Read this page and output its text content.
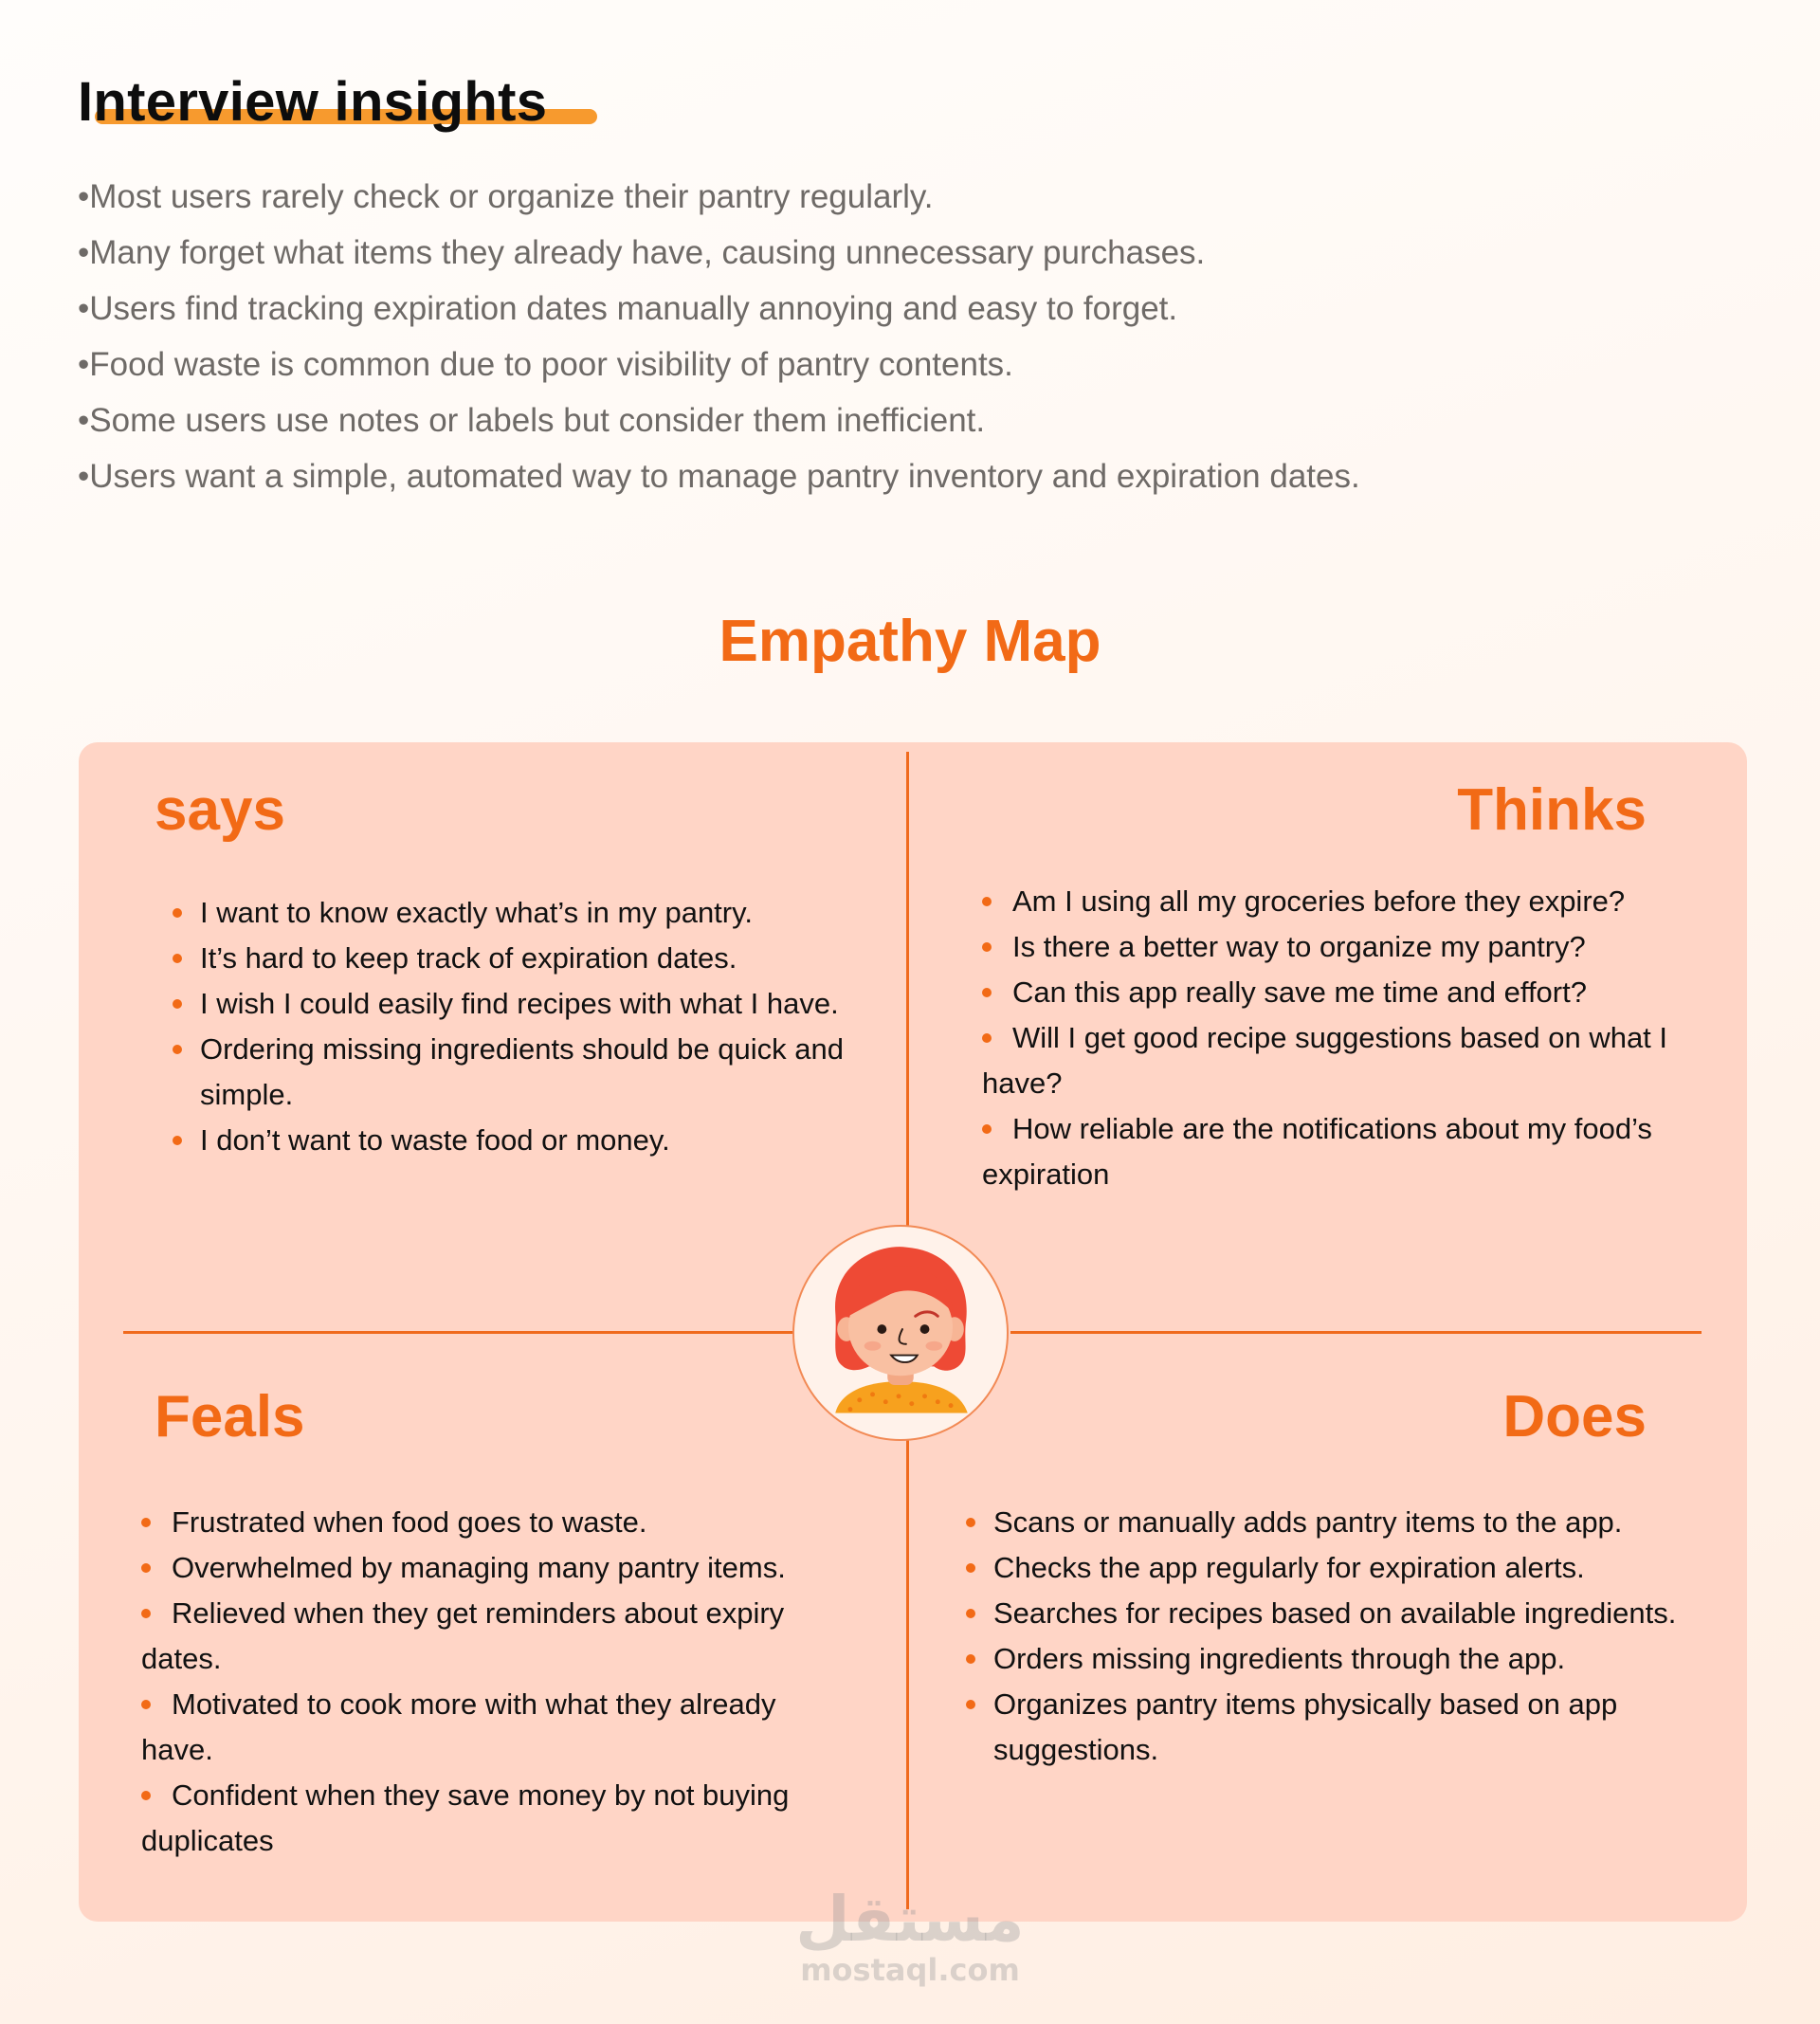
Interview insights
•Most users rarely check or organize their pantry regularly.
•Many forget what items they already have, causing unnecessary purchases.
•Users find tracking expiration dates manually annoying and easy to forget.
•Food waste is common due to poor visibility of pantry contents.
•Some users use notes or labels but consider them inefficient.
•Users want a simple, automated way to manage pantry inventory and expiration dates.
Empathy Map
says
I want to know exactly what’s in my pantry.
It’s hard to keep track of expiration dates.
I wish I could easily find recipes with what I have.
Ordering missing ingredients should be quick and simple.
I don’t want to waste food or money.
Thinks
Am I using all my groceries before they expire?
Is there a better way to organize my pantry?
Can this app really save me time and effort?
Will I get good recipe suggestions based on what I have?
How reliable are the notifications about my food’s expiration
Feals
Frustrated when food goes to waste.
Overwhelmed by managing many pantry items.
Relieved when they get reminders about expiry dates.
Motivated to cook more with what they already have.
Confident when they save money by not buying duplicates
Does
Scans or manually adds pantry items to the app.
Checks the app regularly for expiration alerts.
Searches for recipes based on available ingredients.
Orders missing ingredients through the app.
Organizes pantry items physically based on app suggestions.
مستقل
mostaql.com
